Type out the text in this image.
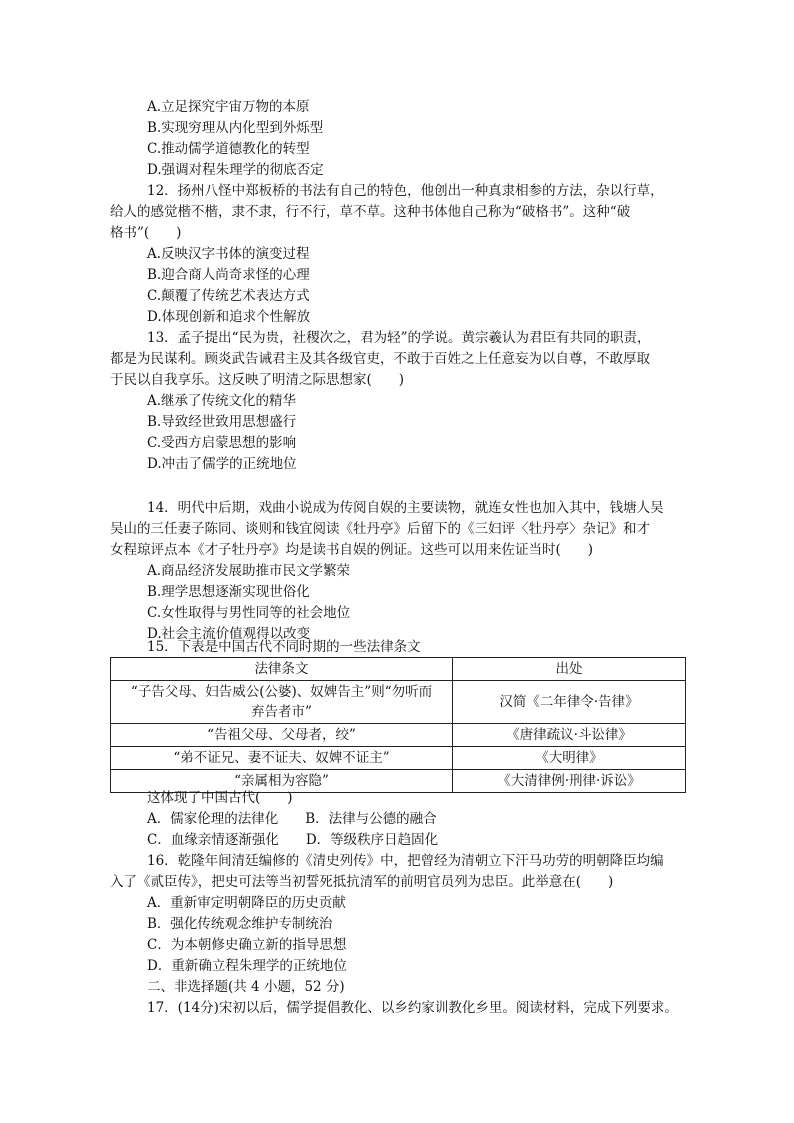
A.立足探究宇宙万物的本原
B.实现穷理从内化型到外烁型
C.推动儒学道德教化的转型
D.强调对程朱理学的彻底否定
12．扬州八怪中郑板桥的书法有自己的特色，他创出一种真隶相参的方法，杂以行草，
给人的感觉楷不楷，隶不隶，行不行，草不草。这种书体他自己称为“破格书”。这种“破
格书”(　　)
A.反映汉字书体的演变过程
B.迎合商人尚奇求怪的心理
C.颠覆了传统艺术表达方式
D.体现创新和追求个性解放
13．孟子提出“民为贵，社稷次之，君为轻”的学说。黄宗羲认为君臣有共同的职责，
都是为民谋利。顾炎武告诫君主及其各级官吏，不敢于百姓之上任意妄为以自尊，不敢厚取
于民以自我享乐。这反映了明清之际思想家(　　)
A.继承了传统文化的精华
B.导致经世致用思想盛行
C.受西方启蒙思想的影响
D.冲击了儒学的正统地位
14．明代中后期，戏曲小说成为传阅自娱的主要读物，就连女性也加入其中，钱塘人吴
吴山的三任妻子陈同、谈则和钱宜阅读《牡丹亭》后留下的《三妇评〈牡丹亭〉杂记》和才
女程琼评点本《才子牡丹亭》均是读书自娱的例证。这些可以用来佐证当时(　　)
A.商品经济发展助推市民文学繁荣
B.理学思想逐渐实现世俗化
C.女性取得与男性同等的社会地位
D.社会主流价值观得以改变
15．下表是中国古代不同时期的一些法律条文
法律条文	出处

“子告父母、妇告威公(公婆)、奴婢告主”则“勿听而
弃告者市”	汉简《二年律令·告律》
“告祖父母、父母者，绞”	《唐律疏议·斗讼律》
“弟不证兄、妻不证夫、奴婢不证主”	《大明律》
“亲属相为容隐”	《大清律例·刑律·诉讼》
这体现了中国古代(　　)
A．儒家伦理的法律化　　B．法律与公德的融合
C．血缘亲情逐渐强化　　D．等级秩序日趋固化
16．乾隆年间清廷编修的《清史列传》中，把曾经为清朝立下汗马功劳的明朝降臣均编
入了《贰臣传》，把史可法等当初誓死抵抗清军的前明官员列为忠臣。此举意在(　　)
A．重新审定明朝降臣的历史贡献
B．强化传统观念维护专制统治
C．为本朝修史确立新的指导思想
D．重新确立程朱理学的正统地位
二、非选择题(共 4 小题，52 分)
17．(14分)宋初以后，儒学提倡教化、以乡约家训教化乡里。阅读材料，完成下列要求。
